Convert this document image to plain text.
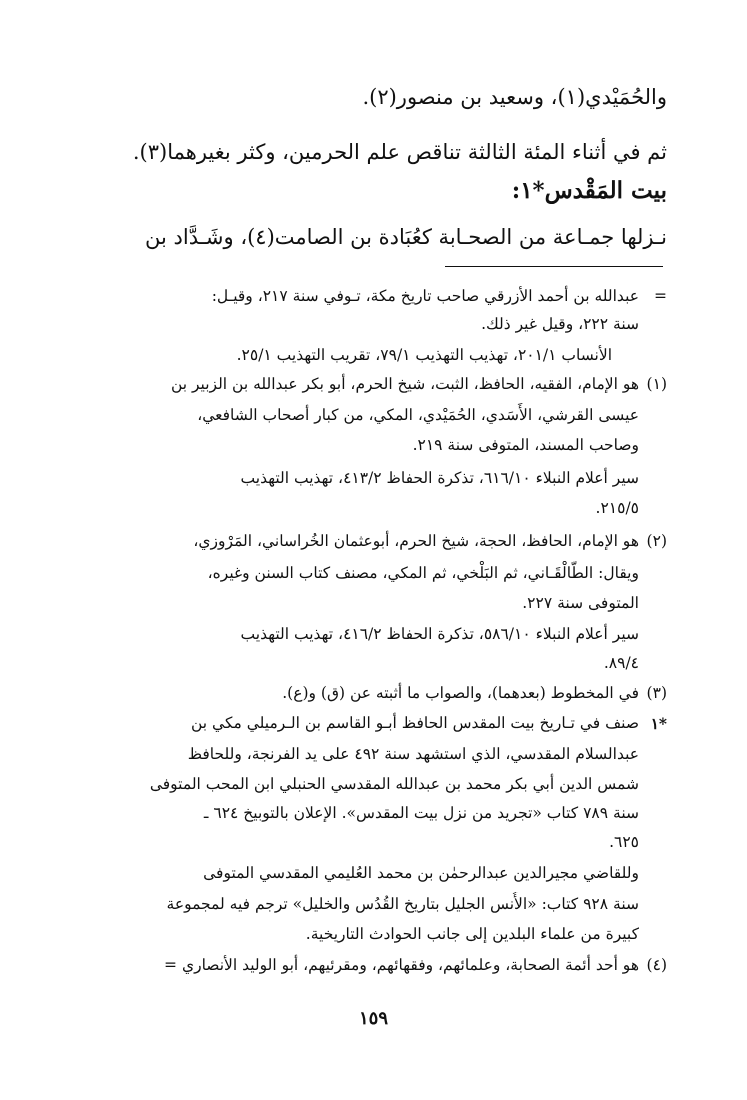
والحُمَيْدي(١)، وسعيد بن منصور(٢).
ثم في أثناء المئة الثالثة تناقص علم الحرمين، وكثر بغيرهما(٣).
بيت المَقْدس*١:
نـزلها جمـاعة من الصحـابة كعُبَادة بن الصامت(٤)، وشَـدَّاد بن
=
عبدالله بن أحمد الأزرقي صاحب تاريخ مكة، تـوفي سنة ٢١٧، وقيـل:
سنة ٢٢٢، وقيل غير ذلك.
الأنساب ٢٠١/١، تهذيب التهذيب ٧٩/١، تقريب التهذيب ٢٥/١.
(١)
هو الإمام، الفقيه، الحافظ، الثبت، شيخ الحرم، أبو بكر عبدالله بن الزبير بن
عيسى القرشي، الأَسَدي، الحُمَيْدي، المكي، من كبار أصحاب الشافعي،
وصاحب المسند، المتوفى سنة ٢١٩.
سير أعلام النبلاء ٦١٦/١٠، تذكرة الحفاظ ٤١٣/٢، تهذيب التهذيب
٢١٥/٥.
(٢)
هو الإمام، الحافظ، الحجة، شيخ الحرم، أبوعثمان الخُراساني، المَرْوزي،
ويقال: الطَّالْقَـاني، ثم البَلْخي، ثم المكي، مصنف كتاب السنن وغيره،
المتوفى سنة ٢٢٧.
سير أعلام النبلاء ٥٨٦/١٠، تذكرة الحفاظ ٤١٦/٢، تهذيب التهذيب
٨٩/٤.
(٣)
في المخطوط (بعدهما)، والصواب ما أثبته عن (ق) و(ع).
*١
صنف في تـاريخ بيت المقدس الحافظ أبـو القاسم بن الـرميلي مكي بن
عبدالسلام المقدسي، الذي استشهد سنة ٤٩٢ على يد الفرنجة، وللحافظ
شمس الدين أبي بكر محمد بن عبدالله المقدسي الحنبلي ابن المحب المتوفى
سنة ٧٨٩ كتاب «تجريد من نزل بيت المقدس». الإعلان بالتوبيخ ٦٢٤ ـ
٦٢٥.
وللقاضي مجيرالدين عبدالرحمٰن بن محمد العُليمي المقدسي المتوفى
سنة ٩٢٨ كتاب: «الأُنس الجليل بتاريخ القُدُس والخليل» ترجم فيه لمجموعة
كبيرة من علماء البلدين إلى جانب الحوادث التاريخية.
(٤)
هو أحد أئمة الصحابة، وعلمائهم، وفقهائهم، ومقرئيهم، أبو الوليد الأنصاري =
١٥٩
